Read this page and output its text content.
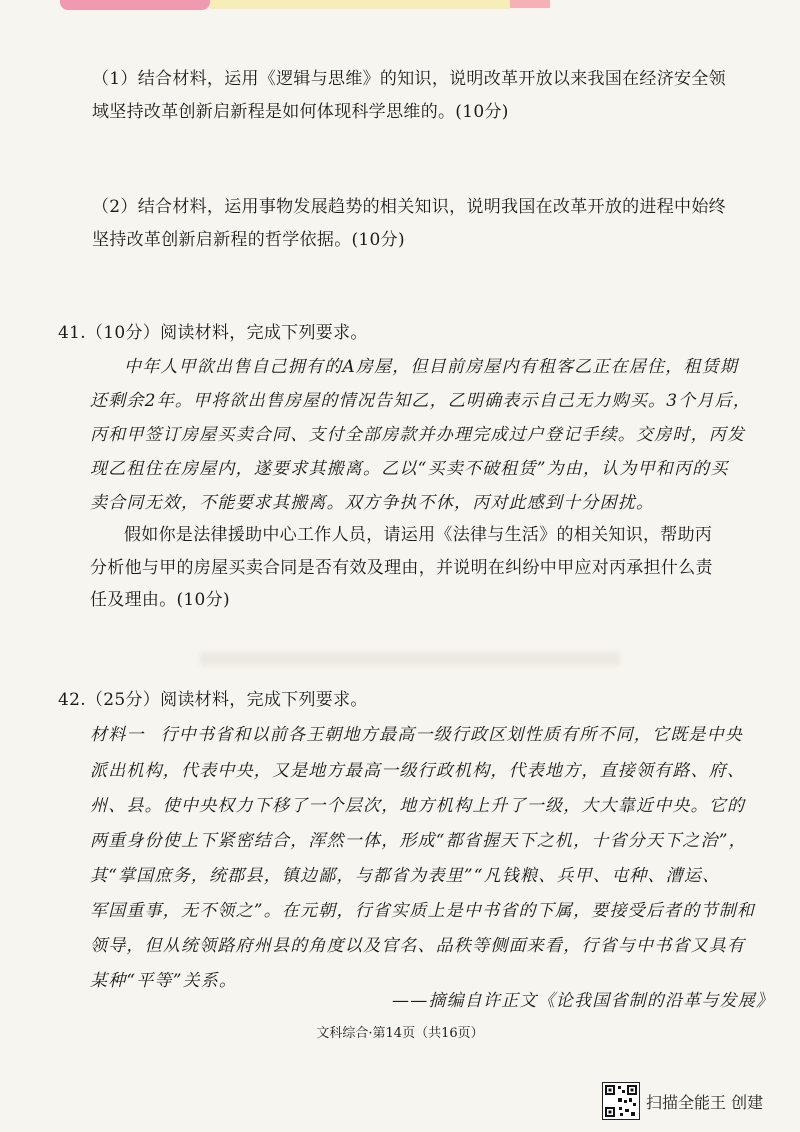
（1）结合材料，运用《逻辑与思维》的知识，说明改革开放以来我国在经济安全领
域坚持改革创新启新程是如何体现科学思维的。(10分)
（2）结合材料，运用事物发展趋势的相关知识，说明我国在改革开放的进程中始终
坚持改革创新启新程的哲学依据。(10分)
41.（10分）阅读材料，完成下列要求。
中年人甲欲出售自己拥有的A房屋，但目前房屋内有租客乙正在居住，租赁期
还剩余2年。甲将欲出售房屋的情况告知乙，乙明确表示自己无力购买。3个月后，
丙和甲签订房屋买卖合同、支付全部房款并办理完成过户登记手续。交房时，丙发
现乙租住在房屋内，遂要求其搬离。乙以“买卖不破租赁”为由，认为甲和丙的买
卖合同无效，不能要求其搬离。双方争执不休，丙对此感到十分困扰。
假如你是法律援助中心工作人员，请运用《法律与生活》的相关知识，帮助丙
分析他与甲的房屋买卖合同是否有效及理由，并说明在纠纷中甲应对丙承担什么责
任及理由。(10分)
42.（25分）阅读材料，完成下列要求。
材料一 行中书省和以前各王朝地方最高一级行政区划性质有所不同，它既是中央
派出机构，代表中央，又是地方最高一级行政机构，代表地方，直接领有路、府、
州、县。使中央权力下移了一个层次，地方机构上升了一级，大大靠近中央。它的
两重身份使上下紧密结合，浑然一体，形成“都省握天下之机，十省分天下之治”，
其“掌国庶务，统郡县，镇边鄙，与都省为表里”“凡钱粮、兵甲、屯种、漕运、
军国重事，无不领之”。在元朝，行省实质上是中书省的下属，要接受后者的节制和
领导，但从统领路府州县的角度以及官名、品秩等侧面来看，行省与中书省又具有
某种“平等”关系。
——摘编自许正文《论我国省制的沿革与发展》
文科综合·第14页（共16页）
扫描全能王 创建
